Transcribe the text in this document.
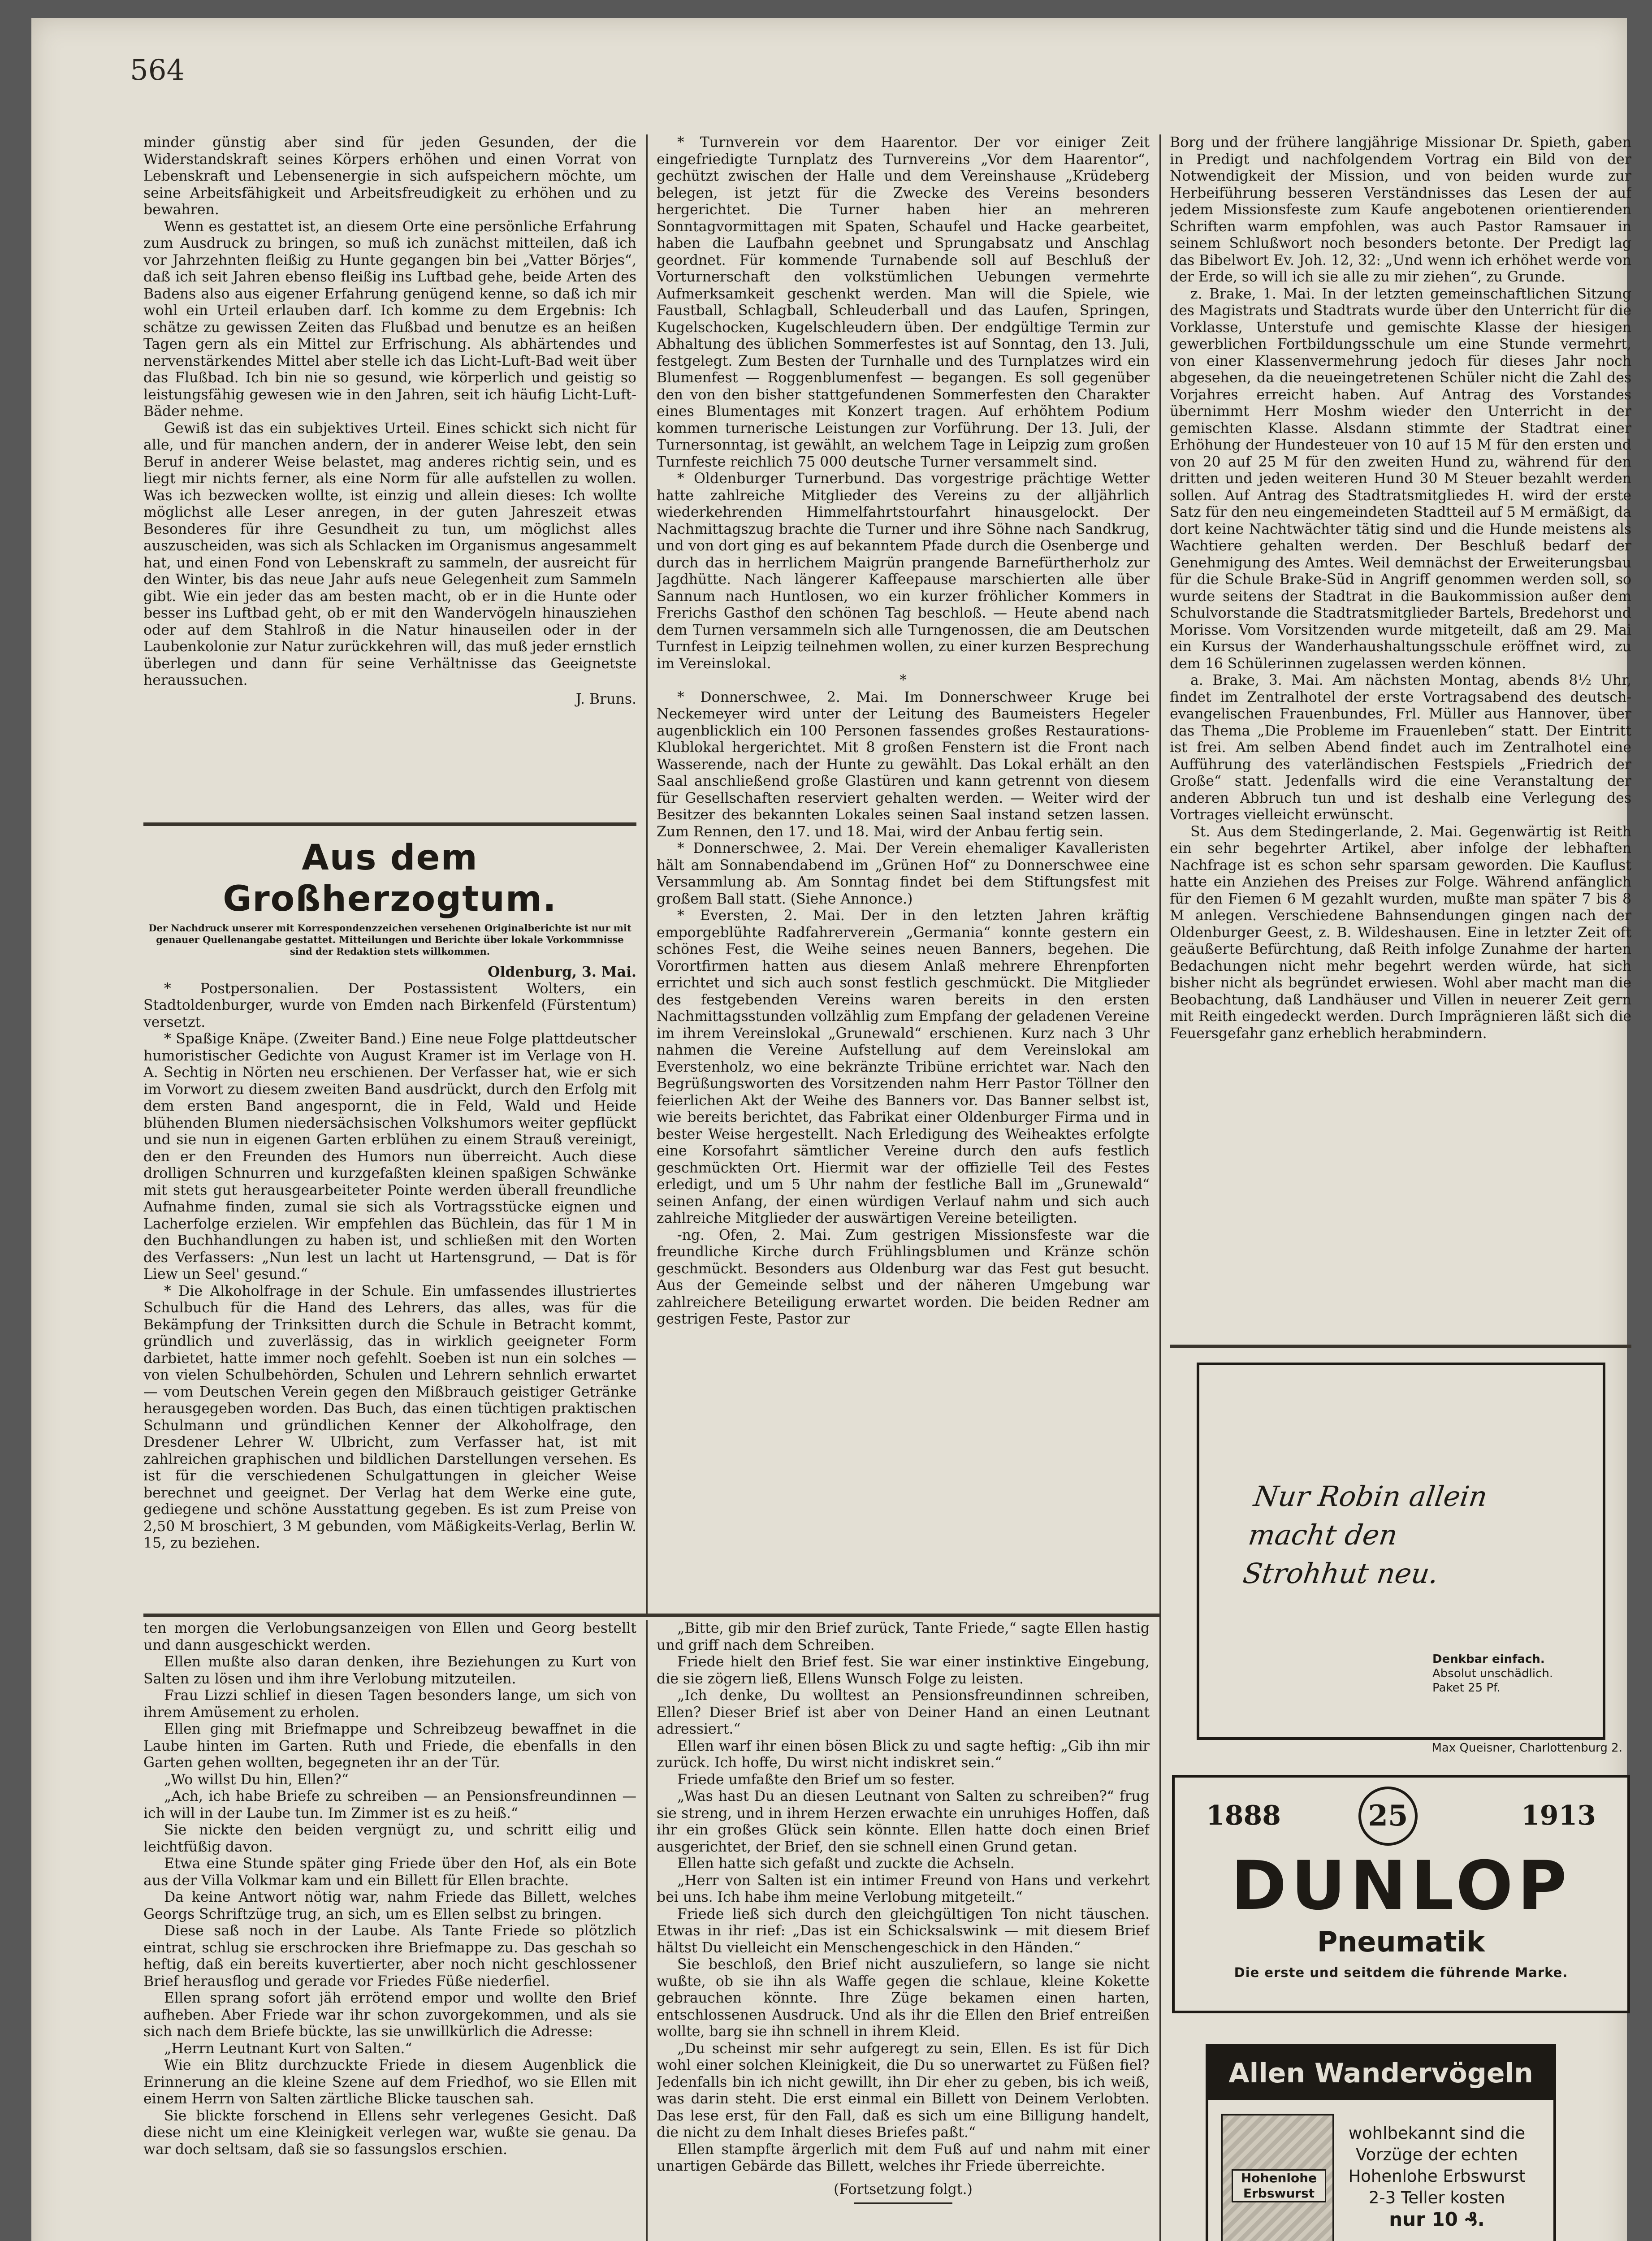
564

minder günstig aber sind für jeden Gesunden, der die Widerstandskraft seines Körpers erhöhen und einen Vorrat von Lebenskraft und Lebensenergie in sich aufspeichern möchte, um seine Arbeitsfähigkeit und Arbeitsfreudigkeit zu erhöhen und zu bewahren.

Wenn es gestattet ist, an diesem Orte eine persönliche Erfahrung zum Ausdruck zu bringen, so muß ich zunächst mitteilen, daß ich vor Jahrzehnten fleißig zu Hunte gegangen bin bei „Vatter Börjes“, daß ich seit Jahren ebenso fleißig ins Luftbad gehe, beide Arten des Badens also aus eigener Erfahrung genügend kenne, so daß ich mir wohl ein Urteil erlauben darf. Ich komme zu dem Ergebnis: Ich schätze zu gewissen Zeiten das Flußbad und benutze es an heißen Tagen gern als ein Mittel zur Erfrischung. Als abhärtendes und nervenstärkendes Mittel aber stelle ich das Licht-Luft-Bad weit über das Flußbad. Ich bin nie so gesund, wie körperlich und geistig so leistungsfähig gewesen wie in den Jahren, seit ich häufig Licht-Luft-Bäder nehme.

Gewiß ist das ein subjektives Urteil. Eines schickt sich nicht für alle, und für manchen andern, der in anderer Weise lebt, den sein Beruf in anderer Weise belastet, mag anderes richtig sein, und es liegt mir nichts ferner, als eine Norm für alle aufstellen zu wollen. Was ich bezwecken wollte, ist einzig und allein dieses: Ich wollte möglichst alle Leser anregen, in der guten Jahreszeit etwas Besonderes für ihre Gesundheit zu tun, um möglichst alles auszuscheiden, was sich als Schlacken im Organismus angesammelt hat, und einen Fond von Lebenskraft zu sammeln, der ausreicht für den Winter, bis das neue Jahr aufs neue Gelegenheit zum Sammeln gibt. Wie ein jeder das am besten macht, ob er in die Hunte oder besser ins Luftbad geht, ob er mit den Wandervögeln hinausziehen oder auf dem Stahlroß in die Natur hinauseilen oder in der Laubenkolonie zur Natur zurückkehren will, das muß jeder ernstlich überlegen und dann für seine Verhältnisse das Geeignetste heraussuchen.

J. Bruns.
Aus dem Großherzogtum.
Der Nachdruck unserer mit Korrespondenzzeichen versehenen Originalberichte ist nur mit genauer Quellenangabe gestattet. Mitteilungen und Berichte über lokale Vorkommnisse sind der Redaktion stets willkommen.

Oldenburg, 3. Mai.

* Postpersonalien. Der Postassistent Wolters, ein Stadtoldenburger, wurde von Emden nach Birkenfeld (Fürstentum) versetzt.

* Spaßige Knäpe. (Zweiter Band.) Eine neue Folge plattdeutscher humoristischer Gedichte von August Kramer ist im Verlage von H. A. Sechtig in Nörten neu erschienen. Der Verfasser hat, wie er sich im Vorwort zu diesem zweiten Band ausdrückt, durch den Erfolg mit dem ersten Band angespornt, die in Feld, Wald und Heide blühenden Blumen niedersächsischen Volkshumors weiter gepflückt und sie nun in eigenen Garten erblühen zu einem Strauß vereinigt, den er den Freunden des Humors nun überreicht. Auch diese drolligen Schnurren und kurzgefaßten kleinen spaßigen Schwänke mit stets gut herausgearbeiteter Pointe werden überall freundliche Aufnahme finden, zumal sie sich als Vortragsstücke eignen und Lacherfolge erzielen. Wir empfehlen das Büchlein, das für 1 M in den Buchhandlungen zu haben ist, und schließen mit den Worten des Verfassers: „Nun lest un lacht ut Hartensgrund, — Dat is för Liew un Seel' gesund.“

* Die Alkoholfrage in der Schule. Ein umfassendes illustriertes Schulbuch für die Hand des Lehrers, das alles, was für die Bekämpfung der Trinksitten durch die Schule in Betracht kommt, gründlich und zuverlässig, das in wirklich geeigneter Form darbietet, hatte immer noch gefehlt. Soeben ist nun ein solches — von vielen Schulbehörden, Schulen und Lehrern sehnlich erwartet — vom Deutschen Verein gegen den Mißbrauch geistiger Getränke herausgegeben worden. Das Buch, das einen tüchtigen praktischen Schulmann und gründlichen Kenner der Alkoholfrage, den Dresdener Lehrer W. Ulbricht, zum Verfasser hat, ist mit zahlreichen graphischen und bildlichen Darstellungen versehen. Es ist für die verschiedenen Schulgattungen in gleicher Weise berechnet und geeignet. Der Verlag hat dem Werke eine gute, gediegene und schöne Ausstattung gegeben. Es ist zum Preise von 2,50 M broschiert, 3 M gebunden, vom Mäßigkeits-Verlag, Berlin W. 15, zu beziehen.

* Turnverein vor dem Haarentor. Der vor einiger Zeit eingefriedigte Turnplatz des Turnvereins „Vor dem Haarentor“, gechützt zwischen der Halle und dem Vereinshause „Krüdeberg belegen, ist jetzt für die Zwecke des Vereins besonders hergerichtet. Die Turner haben hier an mehreren Sonntagvormittagen mit Spaten, Schaufel und Hacke gearbeitet, haben die Laufbahn geebnet und Sprungabsatz und Anschlag geordnet. Für kommende Turnabende soll auf Beschluß der Vorturnerschaft den volkstümlichen Uebungen vermehrte Aufmerksamkeit geschenkt werden. Man will die Spiele, wie Faustball, Schlagball, Schleuderball und das Laufen, Springen, Kugelschocken, Kugelschleudern üben. Der endgültige Termin zur Abhaltung des üblichen Sommerfestes ist auf Sonntag, den 13. Juli, festgelegt. Zum Besten der Turnhalle und des Turnplatzes wird ein Blumenfest — Roggenblumenfest — begangen. Es soll gegenüber den von den bisher stattgefundenen Sommerfesten den Charakter eines Blumentages mit Konzert tragen. Auf erhöhtem Podium kommen turnerische Leistungen zur Vorführung. Der 13. Juli, der Turnersonntag, ist gewählt, an welchem Tage in Leipzig zum großen Turnfeste reichlich 75 000 deutsche Turner versammelt sind.

* Oldenburger Turnerbund. Das vorgestrige prächtige Wetter hatte zahlreiche Mitglieder des Vereins zu der alljährlich wiederkehrenden Himmelfahrtstourfahrt hinausgelockt. Der Nachmittagszug brachte die Turner und ihre Söhne nach Sandkrug, und von dort ging es auf bekanntem Pfade durch die Osenberge und durch das in herrlichem Maigrün prangende Barnefürtherholz zur Jagdhütte. Nach längerer Kaffeepause marschierten alle über Sannum nach Huntlosen, wo ein kurzer fröhlicher Kommers in Frerichs Gasthof den schönen Tag beschloß. — Heute abend nach dem Turnen versammeln sich alle Turngenossen, die am Deutschen Turnfest in Leipzig teilnehmen wollen, zu einer kurzen Besprechung im Vereinslokal.

*

* Donnerschwee, 2. Mai. Im Donnerschweer Kruge bei Neckemeyer wird unter der Leitung des Baumeisters Hegeler augenblicklich ein 100 Personen fassendes großes Restaurations-Klublokal hergerichtet. Mit 8 großen Fenstern ist die Front nach Wasserende, nach der Hunte zu gewählt. Das Lokal erhält an den Saal anschließend große Glastüren und kann getrennt von diesem für Gesellschaften reserviert gehalten werden. — Weiter wird der Besitzer des bekannten Lokales seinen Saal instand setzen lassen. Zum Rennen, den 17. und 18. Mai, wird der Anbau fertig sein.

* Donnerschwee, 2. Mai. Der Verein ehemaliger Kavalleristen hält am Sonnabendabend im „Grünen Hof“ zu Donnerschwee eine Versammlung ab. Am Sonntag findet bei dem Stiftungsfest mit großem Ball statt. (Siehe Annonce.)

* Eversten, 2. Mai. Der in den letzten Jahren kräftig emporgeblühte Radfahrerverein „Germania“ konnte gestern ein schönes Fest, die Weihe seines neuen Banners, begehen. Die Vorortfirmen hatten aus diesem Anlaß mehrere Ehrenpforten errichtet und sich auch sonst festlich geschmückt. Die Mitglieder des festgebenden Vereins waren bereits in den ersten Nachmittagsstunden vollzählig zum Empfang der geladenen Vereine im ihrem Vereinslokal „Grunewald“ erschienen. Kurz nach 3 Uhr nahmen die Vereine Aufstellung auf dem Vereinslokal am Everstenholz, wo eine bekränzte Tribüne errichtet war. Nach den Begrüßungsworten des Vorsitzenden nahm Herr Pastor Töllner den feierlichen Akt der Weihe des Banners vor. Das Banner selbst ist, wie bereits berichtet, das Fabrikat einer Oldenburger Firma und in bester Weise hergestellt. Nach Erledigung des Weiheaktes erfolgte eine Korsofahrt sämtlicher Vereine durch den aufs festlich geschmückten Ort. Hiermit war der offizielle Teil des Festes erledigt, und um 5 Uhr nahm der festliche Ball im „Grunewald“ seinen Anfang, der einen würdigen Verlauf nahm und sich auch zahlreiche Mitglieder der auswärtigen Vereine beteiligten.

-ng. Ofen, 2. Mai. Zum gestrigen Missionsfeste war die freundliche Kirche durch Frühlingsblumen und Kränze schön geschmückt. Besonders aus Oldenburg war das Fest gut besucht. Aus der Gemeinde selbst und der näheren Umgebung war zahlreichere Beteiligung erwartet worden. Die beiden Redner am gestrigen Feste, Pastor zur

Borg und der frühere langjährige Missionar Dr. Spieth, gaben in Predigt und nachfolgendem Vortrag ein Bild von der Notwendigkeit der Mission, und von beiden wurde zur Herbeiführung besseren Verständnisses das Lesen der auf jedem Missionsfeste zum Kaufe angebotenen orientierenden Schriften warm empfohlen, was auch Pastor Ramsauer in seinem Schlußwort noch besonders betonte. Der Predigt lag das Bibelwort Ev. Joh. 12, 32: „Und wenn ich erhöhet werde von der Erde, so will ich sie alle zu mir ziehen“, zu Grunde.

z. Brake, 1. Mai. In der letzten gemeinschaftlichen Sitzung des Magistrats und Stadtrats wurde über den Unterricht für die Vorklasse, Unterstufe und gemischte Klasse der hiesigen gewerblichen Fortbildungsschule um eine Stunde vermehrt, von einer Klassenvermehrung jedoch für dieses Jahr noch abgesehen, da die neueingetretenen Schüler nicht die Zahl des Vorjahres erreicht haben. Auf Antrag des Vorstandes übernimmt Herr Moshm wieder den Unterricht in der gemischten Klasse. Alsdann stimmte der Stadtrat einer Erhöhung der Hundesteuer von 10 auf 15 M für den ersten und von 20 auf 25 M für den zweiten Hund zu, während für den dritten und jeden weiteren Hund 30 M Steuer bezahlt werden sollen. Auf Antrag des Stadtratsmitgliedes H. wird der erste Satz für den neu eingemeindeten Stadtteil auf 5 M ermäßigt, da dort keine Nachtwächter tätig sind und die Hunde meistens als Wachtiere gehalten werden. Der Beschluß bedarf der Genehmigung des Amtes. Weil demnächst der Erweiterungsbau für die Schule Brake-Süd in Angriff genommen werden soll, so wurde seitens der Stadtrat in die Baukommission außer dem Schulvorstande die Stadtratsmitglieder Bartels, Bredehorst und Morisse. Vom Vorsitzenden wurde mitgeteilt, daß am 29. Mai ein Kursus der Wanderhaushaltungsschule eröffnet wird, zu dem 16 Schülerinnen zugelassen werden können.

a. Brake, 3. Mai. Am nächsten Montag, abends 8½ Uhr, findet im Zentralhotel der erste Vortragsabend des deutsch-evangelischen Frauenbundes, Frl. Müller aus Hannover, über das Thema „Die Probleme im Frauenleben“ statt. Der Eintritt ist frei. Am selben Abend findet auch im Zentralhotel eine Aufführung des vaterländischen Festspiels „Friedrich der Große“ statt. Jedenfalls wird die eine Veranstaltung der anderen Abbruch tun und ist deshalb eine Verlegung des Vortrages vielleicht erwünscht.

St. Aus dem Stedingerlande, 2. Mai. Gegenwärtig ist Reith ein sehr begehrter Artikel, aber infolge der lebhaften Nachfrage ist es schon sehr sparsam geworden. Die Kauflust hatte ein Anziehen des Preises zur Folge. Während anfänglich für den Fiemen 6 M gezahlt wurden, mußte man später 7 bis 8 M anlegen. Verschiedene Bahnsendungen gingen nach der Oldenburger Geest, z. B. Wildeshausen. Eine in letzter Zeit oft geäußerte Befürchtung, daß Reith infolge Zunahme der harten Bedachungen nicht mehr begehrt werden würde, hat sich bisher nicht als begründet erwiesen. Wohl aber macht man die Beobachtung, daß Landhäuser und Villen in neuerer Zeit gern mit Reith eingedeckt werden. Durch Imprägnieren läßt sich die Feuersgefahr ganz erheblich herabmindern.

Nur Robin allein
macht den Strohhut neu.
Denkbar einfach.
Absolut unschädlich.
Paket 25 Pf.
Max Queisner, Charlottenburg 2.
1888	25	1913
DUNLOP
Pneumatik
Die erste und seitdem die führende Marke.
Allen Wandervögeln
Hohenlohe Erbswurst
wohlbekannt sind die
Vorzüge der echten
Hohenlohe Erbswurst
2-3 Teller kosten
nur 10 ₰.

ten morgen die Verlobungsanzeigen von Ellen und Georg bestellt und dann ausgeschickt werden.

Ellen mußte also daran denken, ihre Beziehungen zu Kurt von Salten zu lösen und ihm ihre Verlobung mitzuteilen.

Frau Lizzi schlief in diesen Tagen besonders lange, um sich von ihrem Amüsement zu erholen.

Ellen ging mit Briefmappe und Schreibzeug bewaffnet in die Laube hinten im Garten. Ruth und Friede, die ebenfalls in den Garten gehen wollten, begegneten ihr an der Tür.

„Wo willst Du hin, Ellen?“

„Ach, ich habe Briefe zu schreiben — an Pensionsfreundinnen — ich will in der Laube tun. Im Zimmer ist es zu heiß.“

Sie nickte den beiden vergnügt zu, und schritt eilig und leichtfüßig davon.

Etwa eine Stunde später ging Friede über den Hof, als ein Bote aus der Villa Volkmar kam und ein Billett für Ellen brachte.

Da keine Antwort nötig war, nahm Friede das Billett, welches Georgs Schriftzüge trug, an sich, um es Ellen selbst zu bringen.

Diese saß noch in der Laube. Als Tante Friede so plötzlich eintrat, schlug sie erschrocken ihre Briefmappe zu. Das geschah so heftig, daß ein bereits kuvertierter, aber noch nicht geschlossener Brief herausflog und gerade vor Friedes Füße niederfiel.

Ellen sprang sofort jäh errötend empor und wollte den Brief aufheben. Aber Friede war ihr schon zuvorgekommen, und als sie sich nach dem Briefe bückte, las sie unwillkürlich die Adresse:

„Herrn Leutnant Kurt von Salten.“

Wie ein Blitz durchzuckte Friede in diesem Augenblick die Erinnerung an die kleine Szene auf dem Friedhof, wo sie Ellen mit einem Herrn von Salten zärtliche Blicke tauschen sah.

Sie blickte forschend in Ellens sehr verlegenes Gesicht. Daß diese nicht um eine Kleinigkeit verlegen war, wußte sie genau. Da war doch seltsam, daß sie so fassungslos erschien.

„Bitte, gib mir den Brief zurück, Tante Friede,“ sagte Ellen hastig und griff nach dem Schreiben.

Friede hielt den Brief fest. Sie war einer instinktive Eingebung, die sie zögern ließ, Ellens Wunsch Folge zu leisten.

„Ich denke, Du wolltest an Pensionsfreundinnen schreiben, Ellen? Dieser Brief ist aber von Deiner Hand an einen Leutnant adressiert.“

Ellen warf ihr einen bösen Blick zu und sagte heftig: „Gib ihn mir zurück. Ich hoffe, Du wirst nicht indiskret sein.“

Friede umfaßte den Brief um so fester.

„Was hast Du an diesen Leutnant von Salten zu schreiben?“ frug sie streng, und in ihrem Herzen erwachte ein unruhiges Hoffen, daß ihr ein großes Glück sein könnte. Ellen hatte doch einen Brief ausgerichtet, der Brief, den sie schnell einen Grund getan.

Ellen hatte sich gefaßt und zuckte die Achseln.

„Herr von Salten ist ein intimer Freund von Hans und verkehrt bei uns. Ich habe ihm meine Verlobung mitgeteilt.“

Friede ließ sich durch den gleichgültigen Ton nicht täuschen. Etwas in ihr rief: „Das ist ein Schicksalswink — mit diesem Brief hältst Du vielleicht ein Menschengeschick in den Händen.“

Sie beschloß, den Brief nicht auszuliefern, so lange sie nicht wußte, ob sie ihn als Waffe gegen die schlaue, kleine Kokette gebrauchen könnte. Ihre Züge bekamen einen harten, entschlossenen Ausdruck. Und als ihr die Ellen den Brief entreißen wollte, barg sie ihn schnell in ihrem Kleid.

„Du scheinst mir sehr aufgeregt zu sein, Ellen. Es ist für Dich wohl einer solchen Kleinigkeit, die Du so unerwartet zu Füßen fiel? Jedenfalls bin ich nicht gewillt, ihn Dir eher zu geben, bis ich weiß, was darin steht. Die erst einmal ein Billett von Deinem Verlobten. Das lese erst, für den Fall, daß es sich um eine Billigung handelt, die nicht zu dem Inhalt dieses Briefes paßt.“

Ellen stampfte ärgerlich mit dem Fuß auf und nahm mit einer unartigen Gebärde das Billett, welches ihr Friede überreichte.

(Fortsetzung folgt.)
